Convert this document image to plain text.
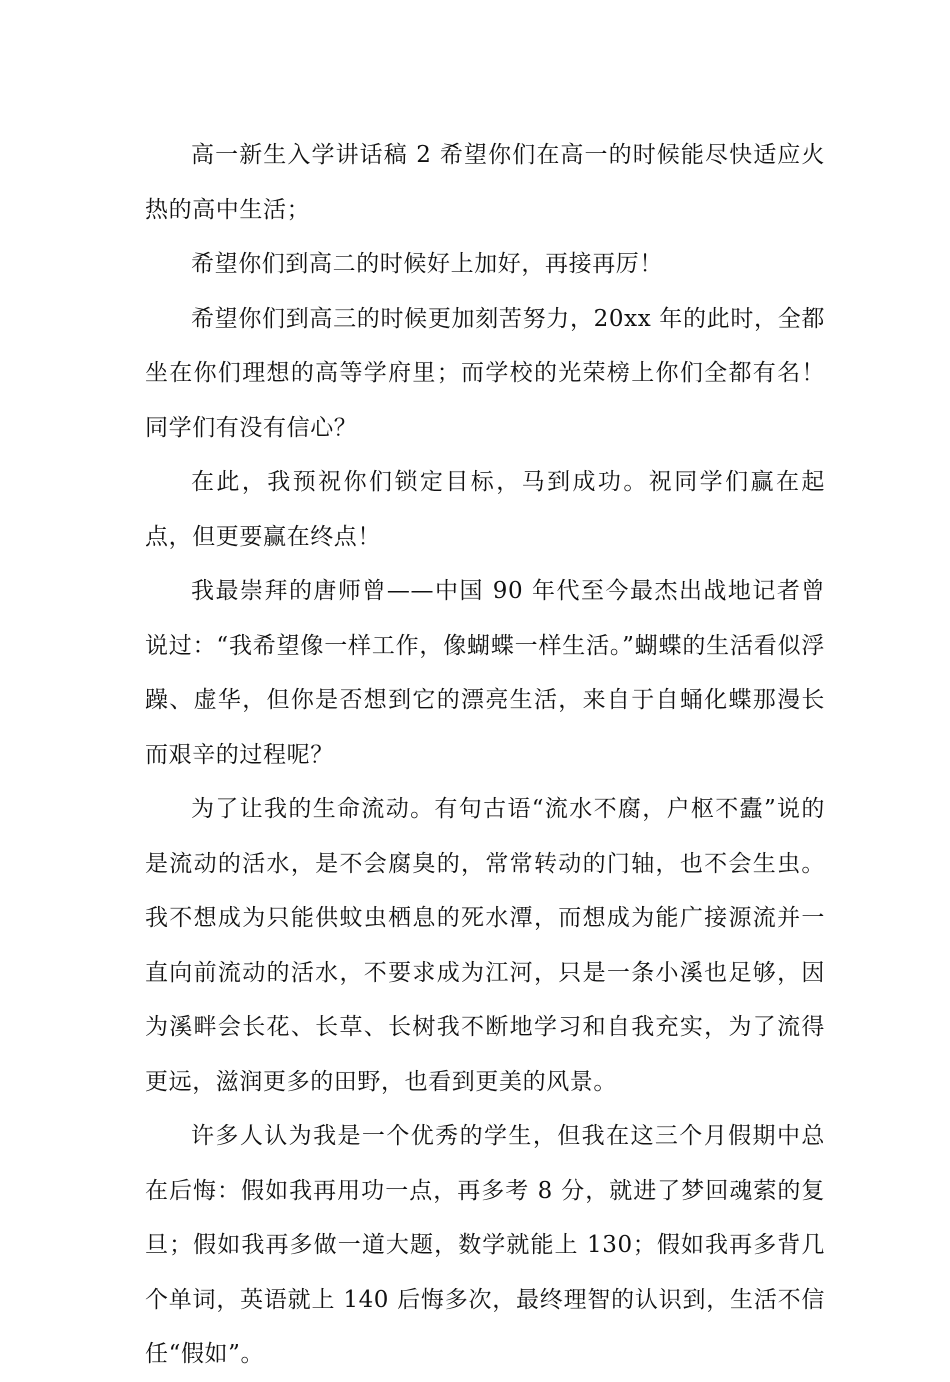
高一新生入学讲话稿 2 希望你们在高一的时候能尽快适应火热的高中生活；

希望你们到高二的时候好上加好，再接再厉！

希望你们到高三的时候更加刻苦努力，20xx 年的此时，全都坐在你们理想的高等学府里；而学校的光荣榜上你们全都有名！同学们有没有信心？

在此，我预祝你们锁定目标，马到成功。祝同学们赢在起点，但更要赢在终点！

我最崇拜的唐师曾——中国 90 年代至今最杰出战地记者曾说过：“我希望像一样工作，像蝴蝶一样生活。”蝴蝶的生活看似浮躁、虚华，但你是否想到它的漂亮生活，来自于自蛹化蝶那漫长而艰辛的过程呢？

为了让我的生命流动。有句古语“流水不腐，户枢不蠹”说的是流动的活水，是不会腐臭的，常常转动的门轴，也不会生虫。我不想成为只能供蚊虫栖息的死水潭，而想成为能广接源流并一直向前流动的活水，不要求成为江河，只是一条小溪也足够，因为溪畔会长花、长草、长树我不断地学习和自我充实，为了流得更远，滋润更多的田野，也看到更美的风景。

许多人认为我是一个优秀的学生，但我在这三个月假期中总在后悔：假如我再用功一点，再多考 8 分，就进了梦回魂萦的复旦；假如我再多做一道大题，数学就能上 130；假如我再多背几个单词，英语就上 140 后悔多次，最终理智的认识到，生活不信任“假如”。
